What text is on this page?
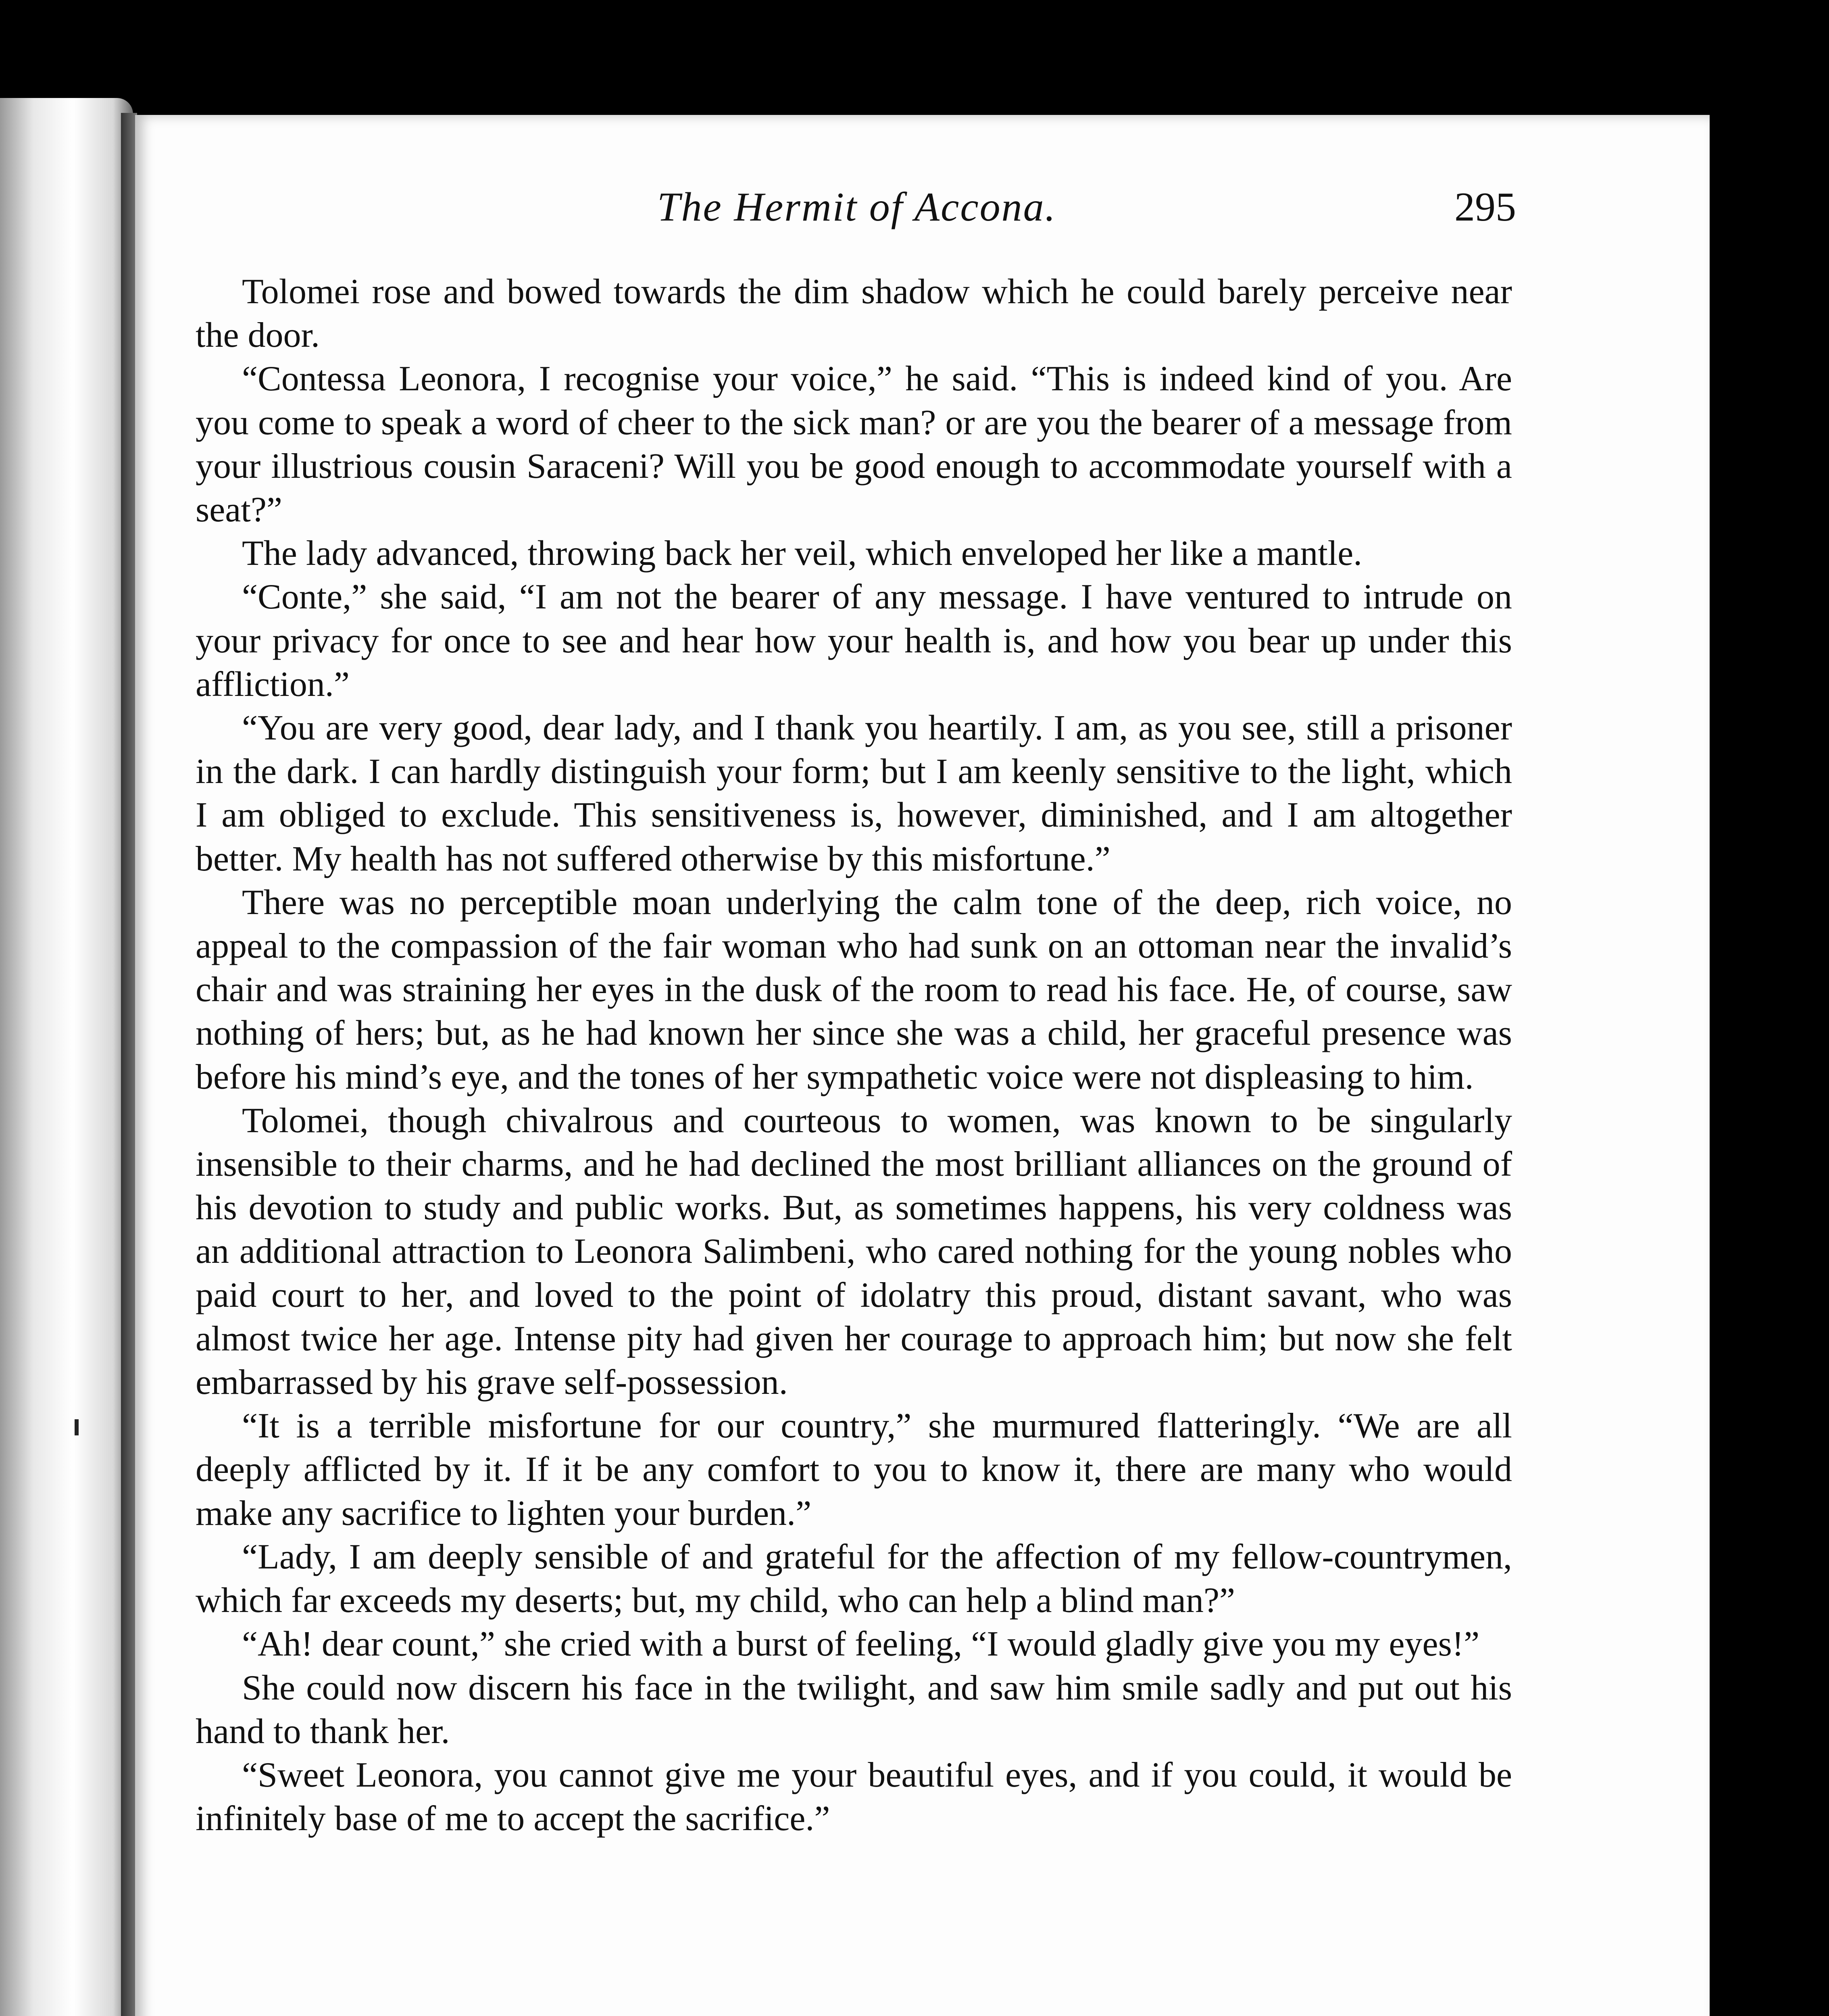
The Hermit of Accona.	295

Tolomei rose and bowed towards the dim shadow which he could barely perceive near the door.

“Contessa Leonora, I recognise your voice,” he said. “This is indeed kind of you. Are you come to speak a word of cheer to the sick man? or are you the bearer of a message from your illustrious cousin Saraceni? Will you be good enough to accommodate yourself with a seat?”

The lady advanced, throwing back her veil, which enveloped her like a mantle.

“Conte,” she said, “I am not the bearer of any message. I have ventured to intrude on your privacy for once to see and hear how your health is, and how you bear up under this affliction.”

“You are very good, dear lady, and I thank you heartily. I am, as you see, still a prisoner in the dark. I can hardly distinguish your form; but I am keenly sensitive to the light, which I am obliged to exclude. This sensitiveness is, however, diminished, and I am altogether better. My health has not suffered otherwise by this misfortune.”

There was no perceptible moan underlying the calm tone of the deep, rich voice, no appeal to the compassion of the fair woman who had sunk on an ottoman near the invalid’s chair and was straining her eyes in the dusk of the room to read his face. He, of course, saw nothing of hers; but, as he had known her since she was a child, her graceful presence was before his mind’s eye, and the tones of her sympathetic voice were not displeasing to him.

Tolomei, though chivalrous and courteous to women, was known to be singularly insensible to their charms, and he had declined the most brilliant alliances on the ground of his devotion to study and public works. But, as sometimes happens, his very coldness was an additional attraction to Leonora Salimbeni, who cared nothing for the young nobles who paid court to her, and loved to the point of idolatry this proud, distant savant, who was almost twice her age. Intense pity had given her courage to approach him; but now she felt embarrassed by his grave self-possession.

“It is a terrible misfortune for our country,” she murmured flatteringly. “We are all deeply afflicted by it. If it be any comfort to you to know it, there are many who would make any sacrifice to lighten your burden.”

“Lady, I am deeply sensible of and grateful for the affection of my fellow-countrymen, which far exceeds my deserts; but, my child, who can help a blind man?”

“Ah! dear count,” she cried with a burst of feeling, “I would gladly give you my eyes!”

She could now discern his face in the twilight, and saw him smile sadly and put out his hand to thank her.

“Sweet Leonora, you cannot give me your beautiful eyes, and if you could, it would be infinitely base of me to accept the sacrifice.”
